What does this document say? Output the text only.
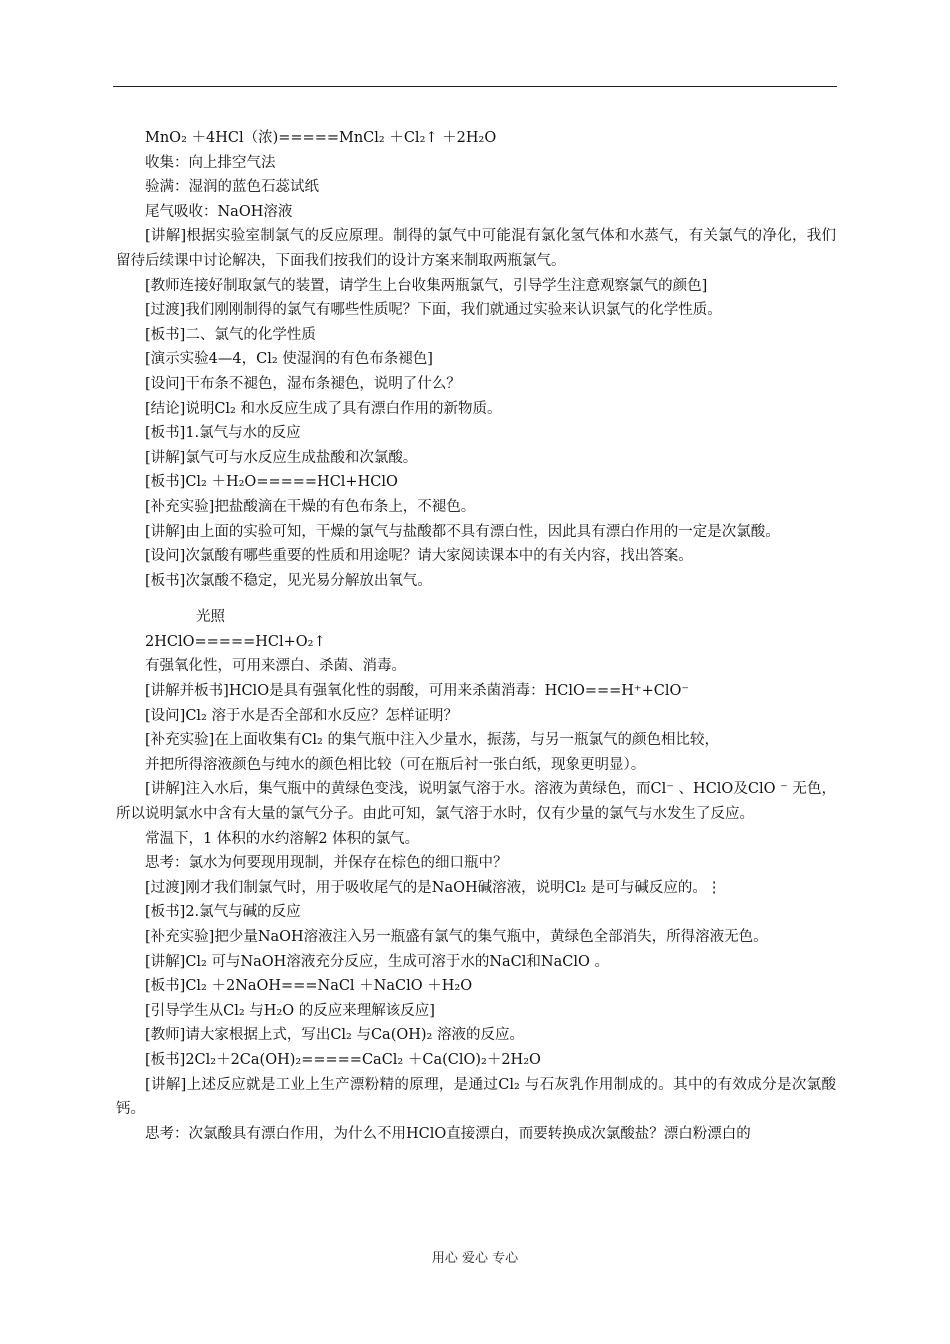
MnO₂ ＋4HCl（浓)=====MnCl₂ ＋Cl₂↑ ＋2H₂O

收集：向上排空气法

验满：湿润的蓝色石蕊试纸

尾气吸收：NaOH溶液

[讲解]根据实验室制氯气的反应原理。制得的氯气中可能混有氯化氢气体和水蒸气，有关氯气的净化，我们留待后续课中讨论解决，下面我们按我们的设计方案来制取两瓶氯气。

[教师连接好制取氯气的装置，请学生上台收集两瓶氯气，引导学生注意观察氯气的颜色]

[过渡]我们刚刚制得的氯气有哪些性质呢？下面，我们就通过实验来认识氯气的化学性质。

[板书]二、氯气的化学性质

[演示实验4—4，Cl₂ 使湿润的有色布条褪色]

[设问]干布条不褪色，湿布条褪色，说明了什么？

[结论]说明Cl₂ 和水反应生成了具有漂白作用的新物质。

[板书]1.氯气与水的反应

[讲解]氯气可与水反应生成盐酸和次氯酸。

[板书]Cl₂ ＋H₂O=====HCl+HClO

[补充实验]把盐酸滴在干燥的有色布条上，不褪色。

[讲解]由上面的实验可知，干燥的氯气与盐酸都不具有漂白性，因此具有漂白作用的一定是次氯酸。

[设问]次氯酸有哪些重要的性质和用途呢？请大家阅读课本中的有关内容，找出答案。

[板书]次氯酸不稳定，见光易分解放出氧气。

光照

2HClO=====HCl+O₂↑

有强氧化性，可用来漂白、杀菌、消毒。

[讲解并板书]HClO是具有强氧化性的弱酸，可用来杀菌消毒：HClO===H⁺+ClO⁻

[设问]Cl₂ 溶于水是否全部和水反应？怎样证明？

[补充实验]在上面收集有Cl₂ 的集气瓶中注入少量水，振荡，与另一瓶氯气的颜色相比较，

并把所得溶液颜色与纯水的颜色相比较（可在瓶后衬一张白纸，现象更明显）。

[讲解]注入水后，集气瓶中的黄绿色变浅，说明氯气溶于水。溶液为黄绿色，而Cl⁻ 、HClO及ClO ⁻ 无色，所以说明氯水中含有大量的氯气分子。由此可知，氯气溶于水时，仅有少量的氯气与水发生了反应。

常温下，1 体积的水约溶解2 体积的氯气。

思考：氯水为何要现用现制，并保存在棕色的细口瓶中？

[过渡]刚才我们制氯气时，用于吸收尾气的是NaOH碱溶液，说明Cl₂ 是可与碱反应的。⋮

[板书]2.氯气与碱的反应

[补充实验]把少量NaOH溶液注入另一瓶盛有氯气的集气瓶中，黄绿色全部消失，所得溶液无色。

[讲解]Cl₂ 可与NaOH溶液充分反应，生成可溶于水的NaCl和NaClO 。

[板书]Cl₂ ＋2NaOH===NaCl ＋NaClO ＋H₂O

[引导学生从Cl₂ 与H₂O 的反应来理解该反应]

[教师]请大家根据上式，写出Cl₂ 与Ca(OH)₂ 溶液的反应。

[板书]2Cl₂＋2Ca(OH)₂=====CaCl₂ ＋Ca(ClO)₂＋2H₂O

[讲解]上述反应就是工业上生产漂粉精的原理，是通过Cl₂ 与石灰乳作用制成的。其中的有效成分是次氯酸钙。

思考：次氯酸具有漂白作用，为什么不用HClO直接漂白，而要转换成次氯酸盐？漂白粉漂白的

用心 爱心 专心
